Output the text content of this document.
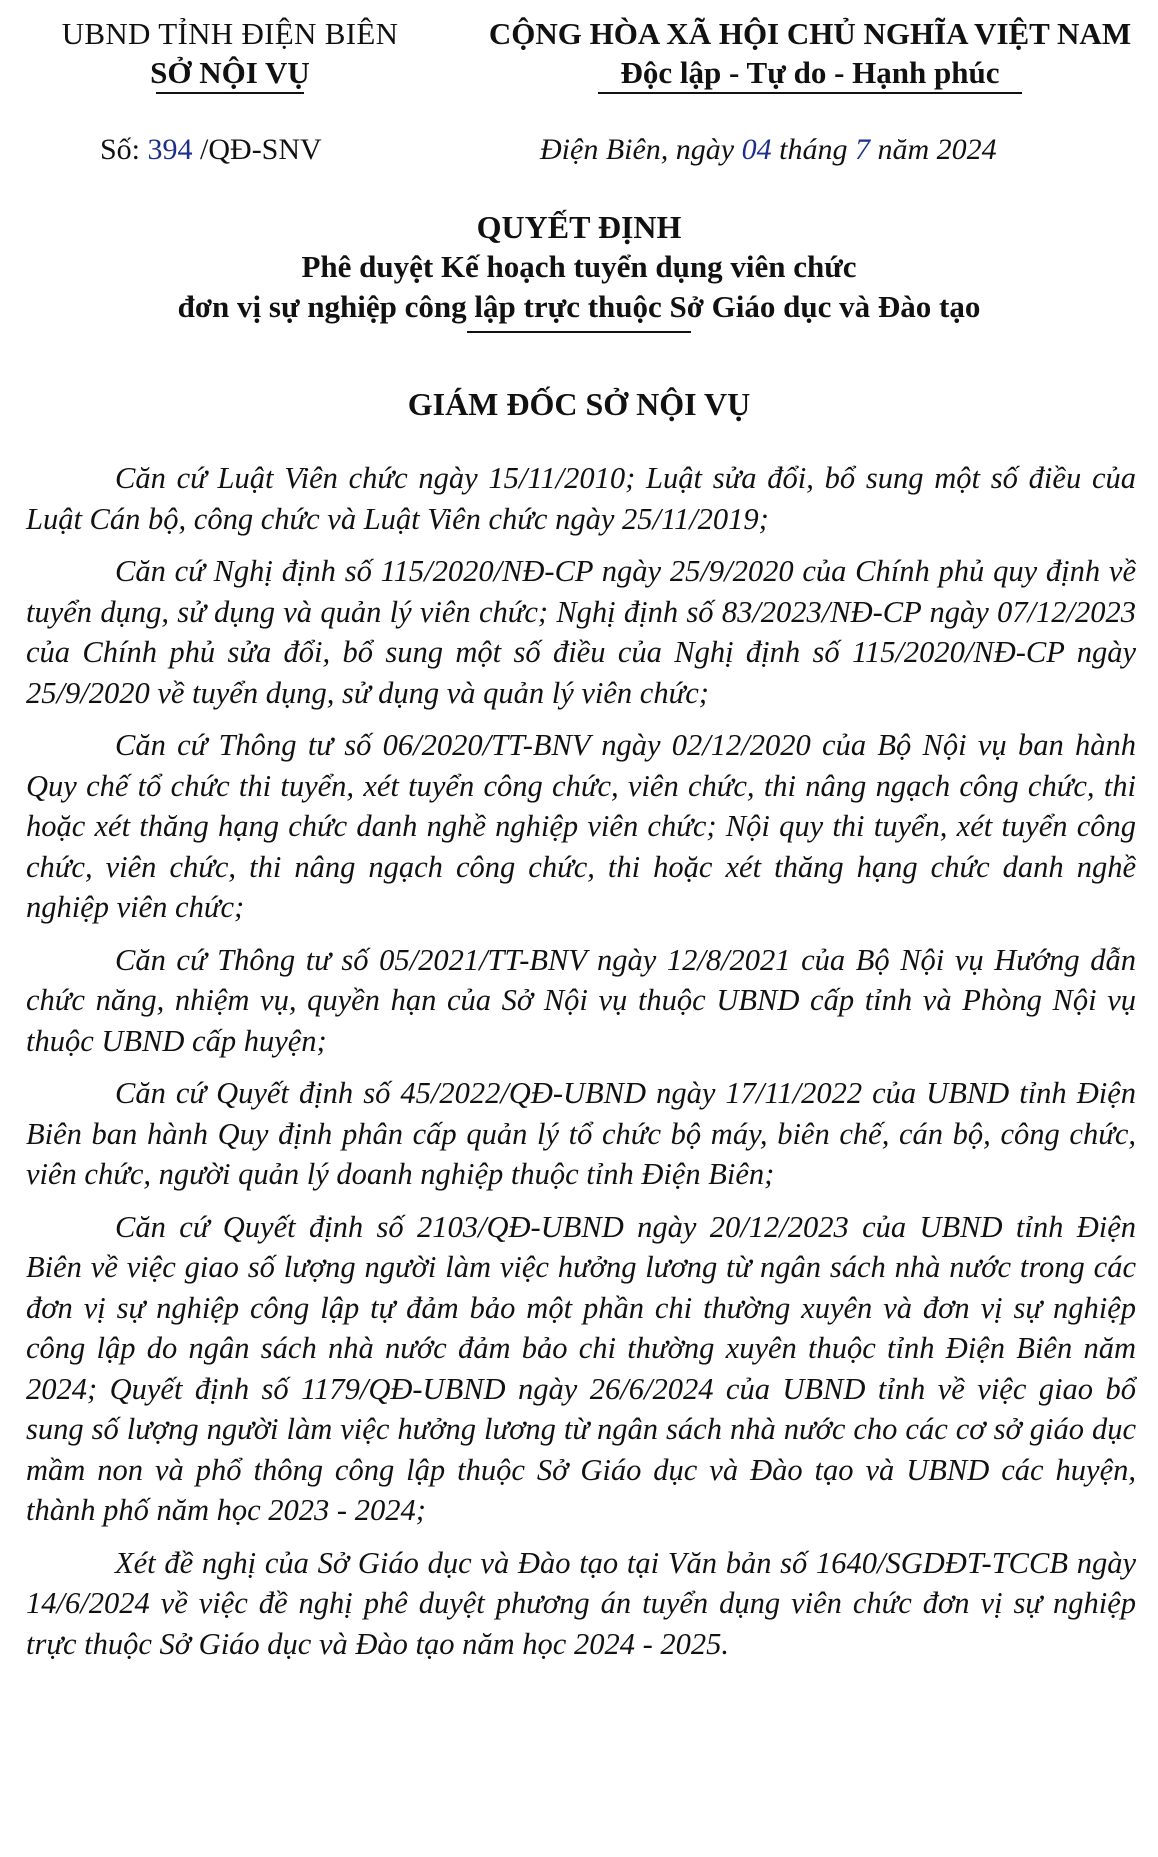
UBND TỈNH ĐIỆN BIÊN
SỞ NỘI VỤ
CỘNG HÒA XÃ HỘI CHỦ NGHĨA VIỆT NAM
Độc lập - Tự do - Hạnh phúc
Số: 394 /QĐ-SNV	Điện Biên, ngày 04 tháng 7 năm 2024
QUYẾT ĐỊNH
Phê duyệt Kế hoạch tuyển dụng viên chức
đơn vị sự nghiệp công lập trực thuộc Sở Giáo dục và Đào tạo
GIÁM ĐỐC SỞ NỘI VỤ

Căn cứ Luật Viên chức ngày 15/11/2010; Luật sửa đổi, bổ sung một số điều của Luật Cán bộ, công chức và Luật Viên chức ngày 25/11/2019;

Căn cứ Nghị định số 115/2020/NĐ-CP ngày 25/9/2020 của Chính phủ quy định về tuyển dụng, sử dụng và quản lý viên chức; Nghị định số 83/2023/NĐ-CP ngày 07/12/2023 của Chính phủ sửa đổi, bổ sung một số điều của Nghị định số 115/2020/NĐ-CP ngày 25/9/2020 về tuyển dụng, sử dụng và quản lý viên chức;

Căn cứ Thông tư số 06/2020/TT-BNV ngày 02/12/2020 của Bộ Nội vụ ban hành Quy chế tổ chức thi tuyển, xét tuyển công chức, viên chức, thi nâng ngạch công chức, thi hoặc xét thăng hạng chức danh nghề nghiệp viên chức; Nội quy thi tuyển, xét tuyển công chức, viên chức, thi nâng ngạch công chức, thi hoặc xét thăng hạng chức danh nghề nghiệp viên chức;

Căn cứ Thông tư số 05/2021/TT-BNV ngày 12/8/2021 của Bộ Nội vụ Hướng dẫn chức năng, nhiệm vụ, quyền hạn của Sở Nội vụ thuộc UBND cấp tỉnh và Phòng Nội vụ thuộc UBND cấp huyện;

Căn cứ Quyết định số 45/2022/QĐ-UBND ngày 17/11/2022 của UBND tỉnh Điện Biên ban hành Quy định phân cấp quản lý tổ chức bộ máy, biên chế, cán bộ, công chức, viên chức, người quản lý doanh nghiệp thuộc tỉnh Điện Biên;

Căn cứ Quyết định số 2103/QĐ-UBND ngày 20/12/2023 của UBND tỉnh Điện Biên về việc giao số lượng người làm việc hưởng lương từ ngân sách nhà nước trong các đơn vị sự nghiệp công lập tự đảm bảo một phần chi thường xuyên và đơn vị sự nghiệp công lập do ngân sách nhà nước đảm bảo chi thường xuyên thuộc tỉnh Điện Biên năm 2024; Quyết định số 1179/QĐ-UBND ngày 26/6/2024 của UBND tỉnh về việc giao bổ sung số lượng người làm việc hưởng lương từ ngân sách nhà nước cho các cơ sở giáo dục mầm non và phổ thông công lập thuộc Sở Giáo dục và Đào tạo và UBND các huyện, thành phố năm học 2023 - 2024;

Xét đề nghị của Sở Giáo dục và Đào tạo tại Văn bản số 1640/SGDĐT-TCCB ngày 14/6/2024 về việc đề nghị phê duyệt phương án tuyển dụng viên chức đơn vị sự nghiệp trực thuộc Sở Giáo dục và Đào tạo năm học 2024 - 2025.
